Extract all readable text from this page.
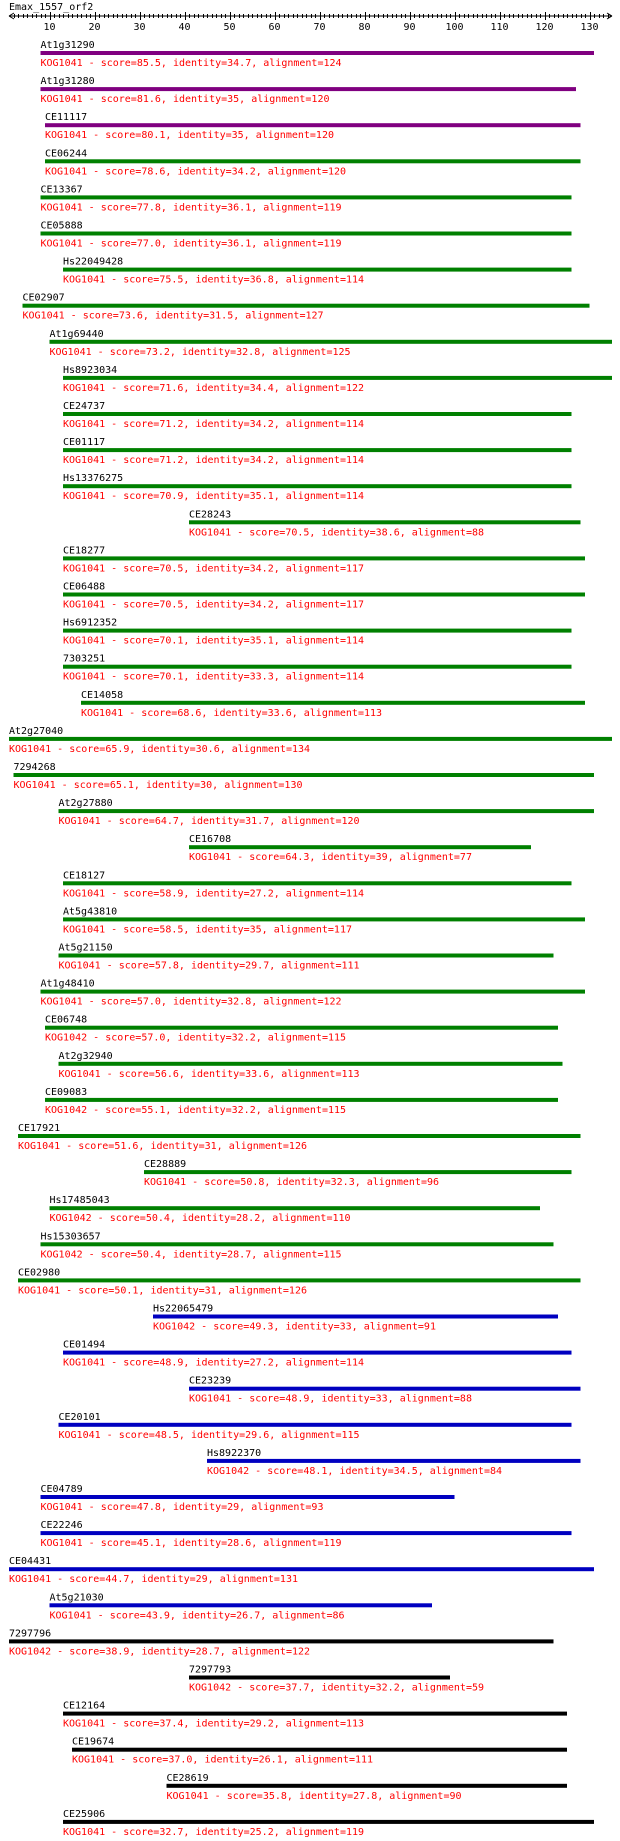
Emax_1557_orf2
10	20	30	40	50	60	70	80	90	100	110	120	130
At1g31290
KOG1041 - score=85.5, identity=34.7, alignment=124
At1g31280
KOG1041 - score=81.6, identity=35, alignment=120
CE11117
KOG1041 - score=80.1, identity=35, alignment=120
CE06244
KOG1041 - score=78.6, identity=34.2, alignment=120
CE13367
KOG1041 - score=77.8, identity=36.1, alignment=119
CE05888
KOG1041 - score=77.0, identity=36.1, alignment=119
Hs22049428
KOG1041 - score=75.5, identity=36.8, alignment=114
CE02907
KOG1041 - score=73.6, identity=31.5, alignment=127
At1g69440
KOG1041 - score=73.2, identity=32.8, alignment=125
Hs8923034
KOG1041 - score=71.6, identity=34.4, alignment=122
CE24737
KOG1041 - score=71.2, identity=34.2, alignment=114
CE01117
KOG1041 - score=71.2, identity=34.2, alignment=114
Hs13376275
KOG1041 - score=70.9, identity=35.1, alignment=114
CE28243
KOG1041 - score=70.5, identity=38.6, alignment=88
CE18277
KOG1041 - score=70.5, identity=34.2, alignment=117
CE06488
KOG1041 - score=70.5, identity=34.2, alignment=117
Hs6912352
KOG1041 - score=70.1, identity=35.1, alignment=114
7303251
KOG1041 - score=70.1, identity=33.3, alignment=114
CE14058
KOG1041 - score=68.6, identity=33.6, alignment=113
At2g27040
KOG1041 - score=65.9, identity=30.6, alignment=134
7294268
KOG1041 - score=65.1, identity=30, alignment=130
At2g27880
KOG1041 - score=64.7, identity=31.7, alignment=120
CE16708
KOG1041 - score=64.3, identity=39, alignment=77
CE18127
KOG1041 - score=58.9, identity=27.2, alignment=114
At5g43810
KOG1041 - score=58.5, identity=35, alignment=117
At5g21150
KOG1041 - score=57.8, identity=29.7, alignment=111
At1g48410
KOG1041 - score=57.0, identity=32.8, alignment=122
CE06748
KOG1042 - score=57.0, identity=32.2, alignment=115
At2g32940
KOG1041 - score=56.6, identity=33.6, alignment=113
CE09083
KOG1042 - score=55.1, identity=32.2, alignment=115
CE17921
KOG1041 - score=51.6, identity=31, alignment=126
CE28889
KOG1041 - score=50.8, identity=32.3, alignment=96
Hs17485043
KOG1042 - score=50.4, identity=28.2, alignment=110
Hs15303657
KOG1042 - score=50.4, identity=28.7, alignment=115
CE02980
KOG1041 - score=50.1, identity=31, alignment=126
Hs22065479
KOG1042 - score=49.3, identity=33, alignment=91
CE01494
KOG1041 - score=48.9, identity=27.2, alignment=114
CE23239
KOG1041 - score=48.9, identity=33, alignment=88
CE20101
KOG1041 - score=48.5, identity=29.6, alignment=115
Hs8922370
KOG1042 - score=48.1, identity=34.5, alignment=84
CE04789
KOG1041 - score=47.8, identity=29, alignment=93
CE22246
KOG1041 - score=45.1, identity=28.6, alignment=119
CE04431
KOG1041 - score=44.7, identity=29, alignment=131
At5g21030
KOG1041 - score=43.9, identity=26.7, alignment=86
7297796
KOG1042 - score=38.9, identity=28.7, alignment=122
7297793
KOG1042 - score=37.7, identity=32.2, alignment=59
CE12164
KOG1041 - score=37.4, identity=29.2, alignment=113
CE19674
KOG1041 - score=37.0, identity=26.1, alignment=111
CE28619
KOG1041 - score=35.8, identity=27.8, alignment=90
CE25906
KOG1041 - score=32.7, identity=25.2, alignment=119
